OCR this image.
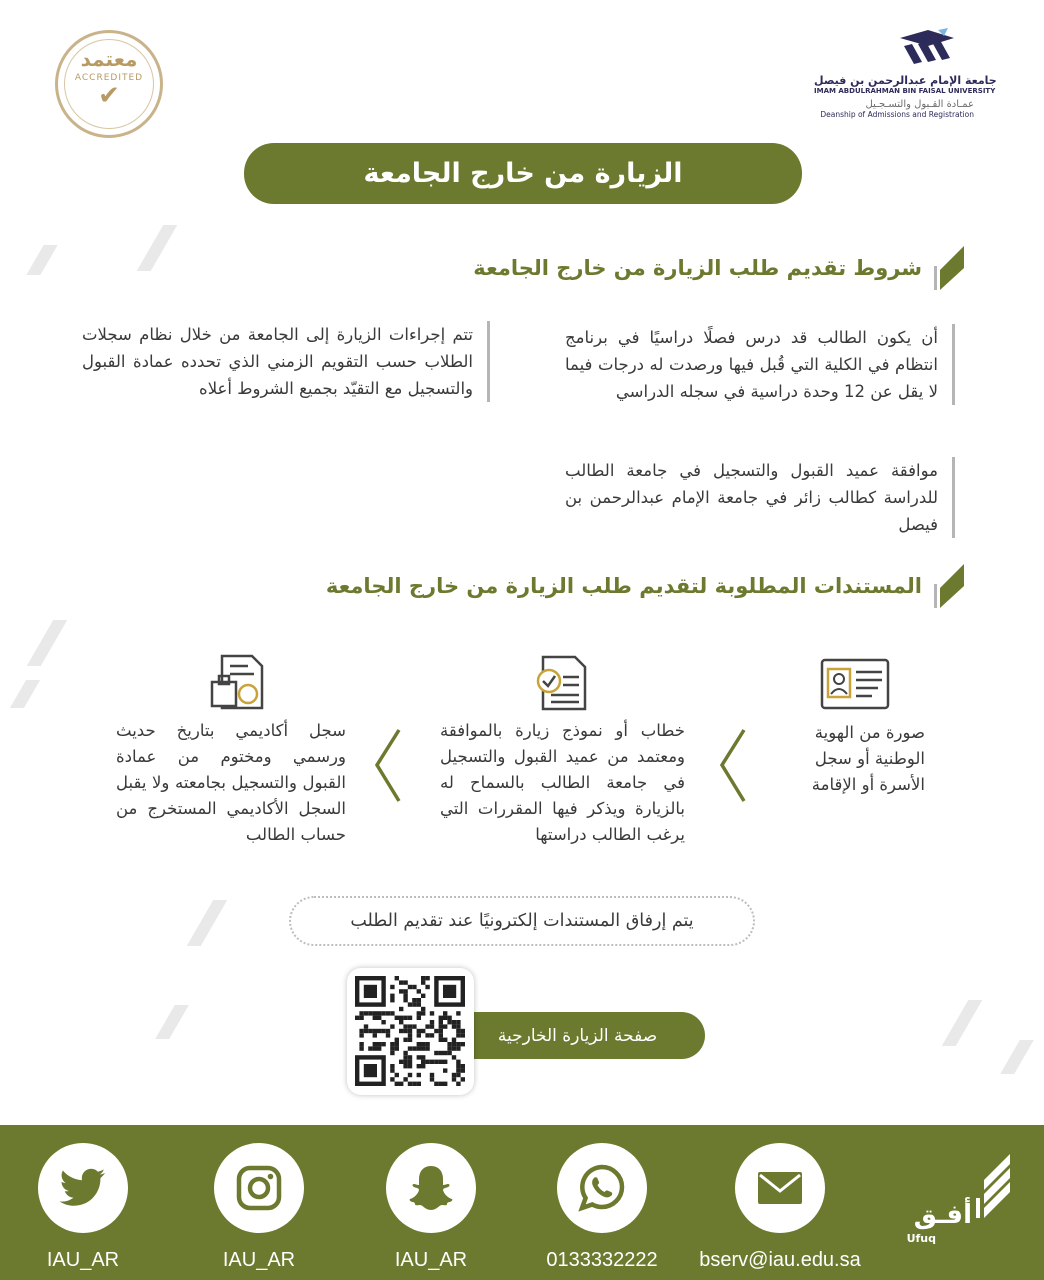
معتمد
ACCREDITED
✔
جامعة الإمام عبدالرحمن بن فيصل
IMAM ABDULRAHMAN BIN FAISAL UNIVERSITY
عمـادة القـبول والتسـجـيل
Deanship of Admissions and Registration
الزيارة من خارج الجامعة
شروط تقديم طلب الزيارة من خارج الجامعة
أن يكون الطالب قد درس فصلًا دراسيًا في برنامج انتظام في الكلية التي قُبل فيها ورصدت له درجات فيما لا يقل عن 12 وحدة دراسية في سجله الدراسي
موافقة عميد القبول والتسجيل في جامعة الطالب للدراسة كطالب زائر في جامعة الإمام عبدالرحمن بن فيصل
تتم إجراءات الزيارة إلى الجامعة من خلال نظام سجلات الطلاب حسب التقويم الزمني الذي تحدده عمادة القبول والتسجيل مع التقيّد بجميع الشروط أعلاه
المستندات المطلوبة لتقديم طلب الزيارة من خارج الجامعة
صورة من الهوية الوطنية أو سجل الأسرة أو الإقامة
خطاب أو نموذج زيارة بالموافقة ومعتمد من عميد القبول والتسجيل في جامعة الطالب بالسماح له بالزيارة ويذكر فيها المقررات التي يرغب الطالب دراستها
سجل أكاديمي بتاريخ حديث ورسمي ومختوم من عمادة القبول والتسجيل بجامعته ولا يقبل السجل الأكاديمي المستخرج من حساب الطالب
يتم إرفاق المستندات إلكترونيًا عند تقديم الطلب
صفحة الزيارة الخارجية
IAU_AR	IAU_AR	IAU_AR	0133332222	bserv@iau.edu.sa
أفـق
Ufuq
